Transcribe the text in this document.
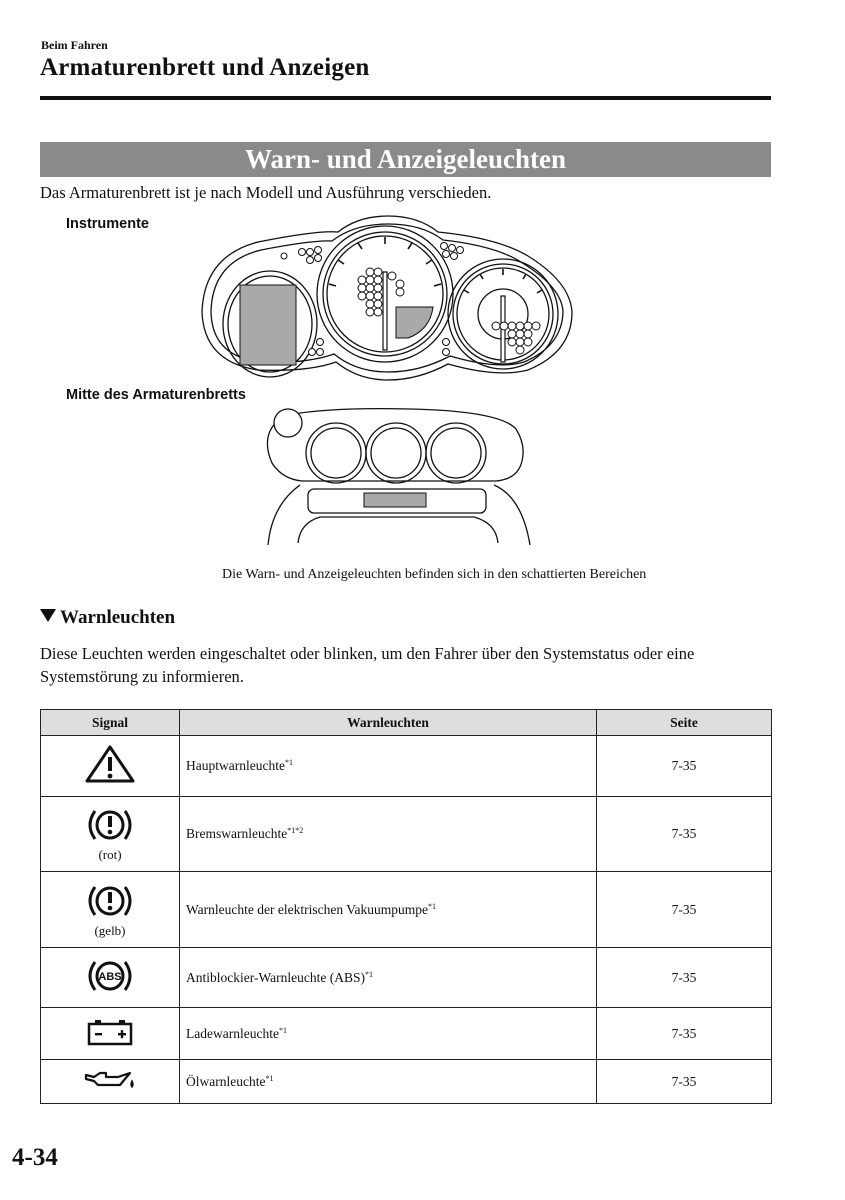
Beim Fahren
Armaturenbrett und Anzeigen
Warn- und Anzeigeleuchten
Das Armaturenbrett ist je nach Modell und Ausführung verschieden.
Instrumente
Mitte des Armaturenbretts
Die Warn- und Anzeigeleuchten befinden sich in den schattierten Bereichen
Warnleuchten
Diese Leuchten werden eingeschaltet oder blinken, um den Fahrer über den Systemstatus oder eine Systemstörung zu informieren.
Signal	Warnleuchten	Seite
	Hauptwarnleuchte$^{*1}$	7-35

(rot)	Bremswarnleuchte$^{*1*2}$	7-35

(gelb)	Warnleuchte der elektrischen Vakuumpumpe$^{*1}$	7-35

ABS	Antiblockier-Warnleuchte (ABS)$^{*1}$	7-35
	Ladewarnleuchte$^{*1}$	7-35
	Ölwarnleuchte$^{*1}$	7-35
4-34
